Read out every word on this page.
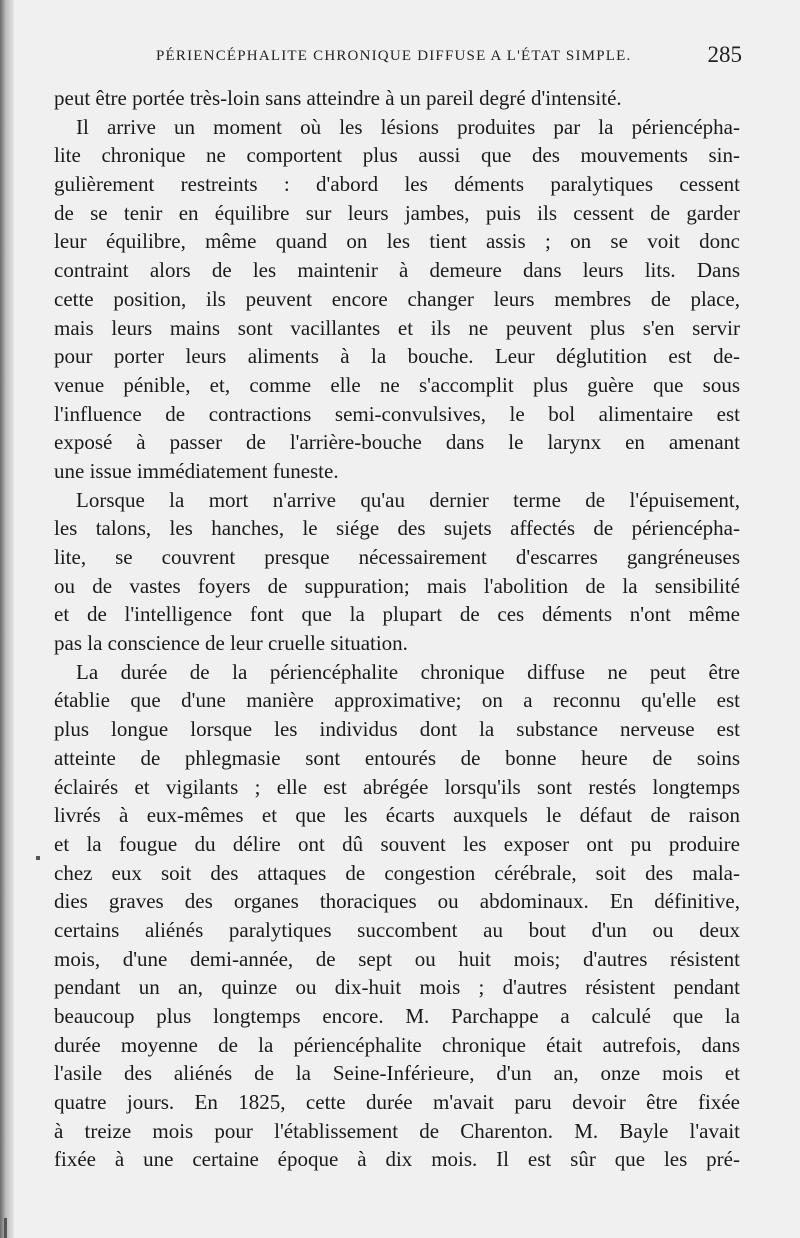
PÉRIENCÉPHALITE CHRONIQUE DIFFUSE A L'ÉTAT SIMPLE.	285
peut être portée très-loin sans atteindre à un pareil degré d'intensité.
Il arrive un moment où les lésions produites par la périencépha-
lite chronique ne comportent plus aussi que des mouvements sin-
gulièrement restreints : d'abord les déments paralytiques cessent
de se tenir en équilibre sur leurs jambes, puis ils cessent de garder
leur équilibre, même quand on les tient assis ; on se voit donc
contraint alors de les maintenir à demeure dans leurs lits. Dans
cette position, ils peuvent encore changer leurs membres de place,
mais leurs mains sont vacillantes et ils ne peuvent plus s'en servir
pour porter leurs aliments à la bouche. Leur déglutition est de-
venue pénible, et, comme elle ne s'accomplit plus guère que sous
l'influence de contractions semi-convulsives, le bol alimentaire est
exposé à passer de l'arrière-bouche dans le larynx en amenant
une issue immédiatement funeste.
Lorsque la mort n'arrive qu'au dernier terme de l'épuisement,
les talons, les hanches, le siége des sujets affectés de périencépha-
lite, se couvrent presque nécessairement d'escarres gangréneuses
ou de vastes foyers de suppuration; mais l'abolition de la sensibilité
et de l'intelligence font que la plupart de ces déments n'ont même
pas la conscience de leur cruelle situation.
La durée de la périencéphalite chronique diffuse ne peut être
établie que d'une manière approximative; on a reconnu qu'elle est
plus longue lorsque les individus dont la substance nerveuse est
atteinte de phlegmasie sont entourés de bonne heure de soins
éclairés et vigilants ; elle est abrégée lorsqu'ils sont restés longtemps
livrés à eux-mêmes et que les écarts auxquels le défaut de raison
et la fougue du délire ont dû souvent les exposer ont pu produire
chez eux soit des attaques de congestion cérébrale, soit des mala-
dies graves des organes thoraciques ou abdominaux. En définitive,
certains aliénés paralytiques succombent au bout d'un ou deux
mois, d'une demi-année, de sept ou huit mois; d'autres résistent
pendant un an, quinze ou dix-huit mois ; d'autres résistent pendant
beaucoup plus longtemps encore. M. Parchappe a calculé que la
durée moyenne de la périencéphalite chronique était autrefois, dans
l'asile des aliénés de la Seine-Inférieure, d'un an, onze mois et
quatre jours. En 1825, cette durée m'avait paru devoir être fixée
à treize mois pour l'établissement de Charenton. M. Bayle l'avait
fixée à une certaine époque à dix mois. Il est sûr que les pré-
